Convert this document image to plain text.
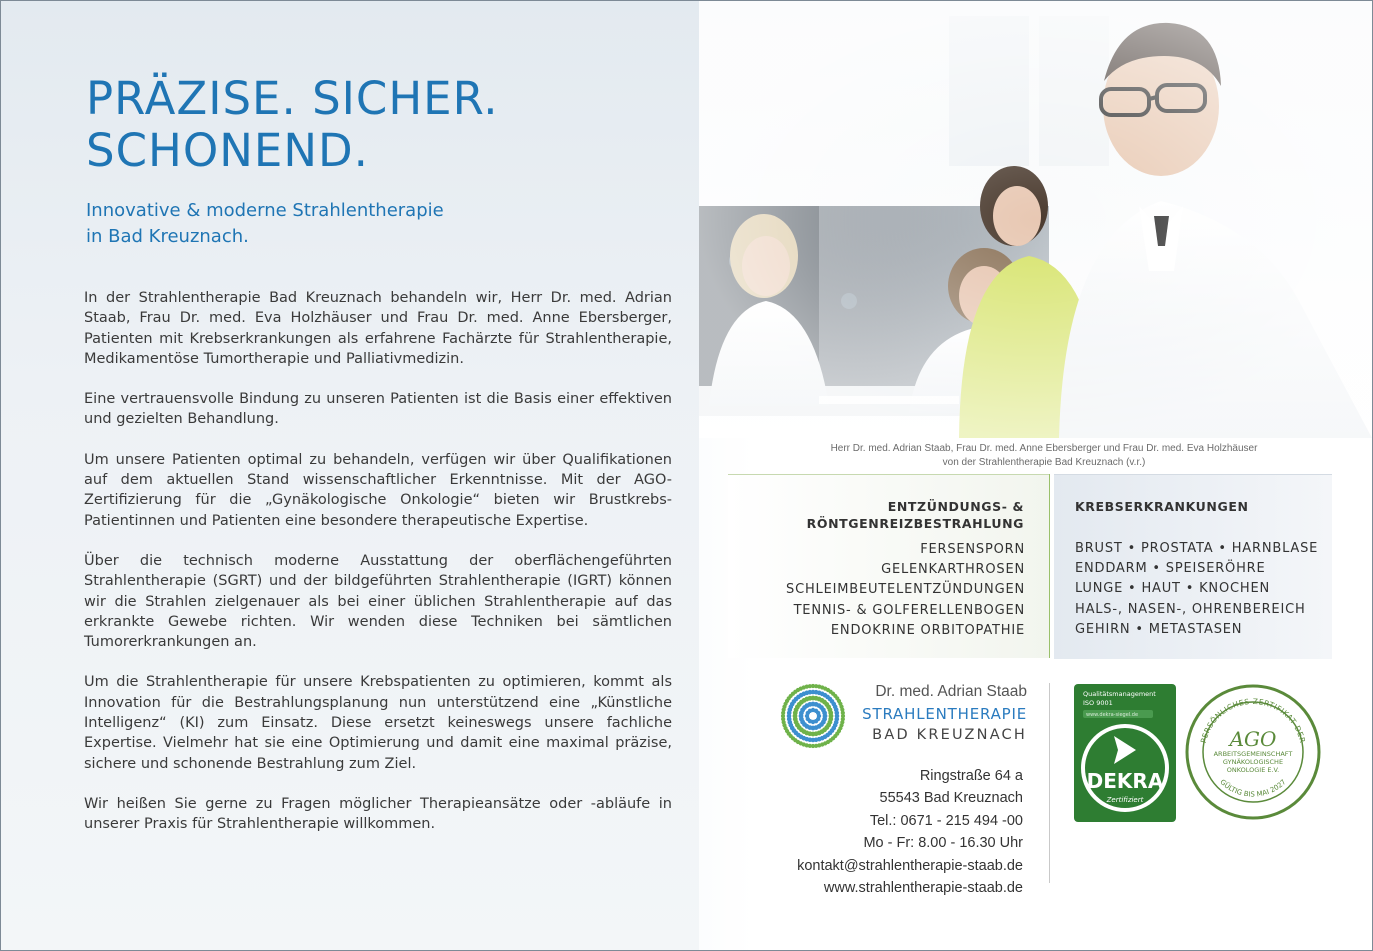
PRÄZISE. SICHER.
SCHONEND.

Innovative & moderne Strahlentherapie
in Bad Kreuznach.

In der Strahlentherapie Bad Kreuznach behandeln wir, Herr Dr. med. Adrian Staab, Frau Dr. med. Eva Holzhäuser und Frau Dr. med. Anne Ebersberger, Patienten mit Krebserkrankungen als erfahrene Fachärzte für Strahlentherapie, Medikamentöse Tumortherapie und Palliativmedizin.

Eine vertrauensvolle Bindung zu unseren Patienten ist die Basis einer effektiven und gezielten Behandlung.

Um unsere Patienten optimal zu behandeln, verfügen wir über Qualifikationen auf dem aktuellen Stand wissenschaftlicher Erkenntnisse. Mit der AGO-Zertifizierung für die „Gynäkologische Onkologie“ bieten wir Brustkrebs-Patientinnen und Patienten eine besondere therapeutische Expertise.

Über die technisch moderne Ausstattung der oberflächengeführten Strahlentherapie (SGRT) und der bildgeführten Strahlentherapie (IGRT) können wir die Strahlen zielgenauer als bei einer üblichen Strahlentherapie auf das erkrankte Gewebe richten. Wir wenden diese Techniken bei sämtlichen Tumorerkrankungen an.

Um die Strahlentherapie für unsere Krebspatienten zu optimieren, kommt als Innovation für die Bestrahlungsplanung nun unterstützend eine „Künstliche Intelligenz“ (KI) zum Einsatz. Diese ersetzt keineswegs unsere fachliche Expertise. Vielmehr hat sie eine Optimierung und damit eine maximal präzise, sichere und schonende Bestrahlung zum Ziel.

Wir heißen Sie gerne zu Fragen möglicher Therapieansätze oder -abläufe in unserer Praxis für Strahlentherapie willkommen.

Herr Dr. med. Adrian Staab, Frau Dr. med. Anne Ebersberger und Frau Dr. med. Eva Holzhäuser
von der Strahlentherapie Bad Kreuznach (v.r.)
ENTZÜNDUNGS- &
RÖNTGENREIZBESTRAHLUNG
FERSENSPORN
GELENKARTHROSEN
SCHLEIMBEUTELENTZÜNDUNGEN
TENNIS- & GOLFERELLENBOGEN
ENDOKRINE ORBITOPATHIE
KREBSERKRANKUNGEN
BRUST • PROSTATA • HARNBLASE
ENDDARM • SPEISERÖHRE
LUNGE • HAUT • KNOCHEN
HALS-, NASEN-, OHRENBEREICH
GEHIRN • METASTASEN
Dr. med. Adrian Staab
STRAHLENTHERAPIE
BAD KREUZNACH
Ringstraße 64 a
55543 Bad Kreuznach
Tel.: 0671 - 215 494 -00
Mo - Fr: 8.00 - 16.30 Uhr
kontakt@strahlentherapie-staab.de
www.strahlentherapie-staab.de
Qualitätsmanagement
ISO 9001
www.dekra-siegel.de
DEKRA
Zertifiziert
PERSÖNLICHES ZERTIFIKAT DER
GÜLTIG BIS MAI 2027
AGO
ARBEITSGEMEINSCHAFT
GYNÄKOLOGISCHE
ONKOLOGIE E.V.
